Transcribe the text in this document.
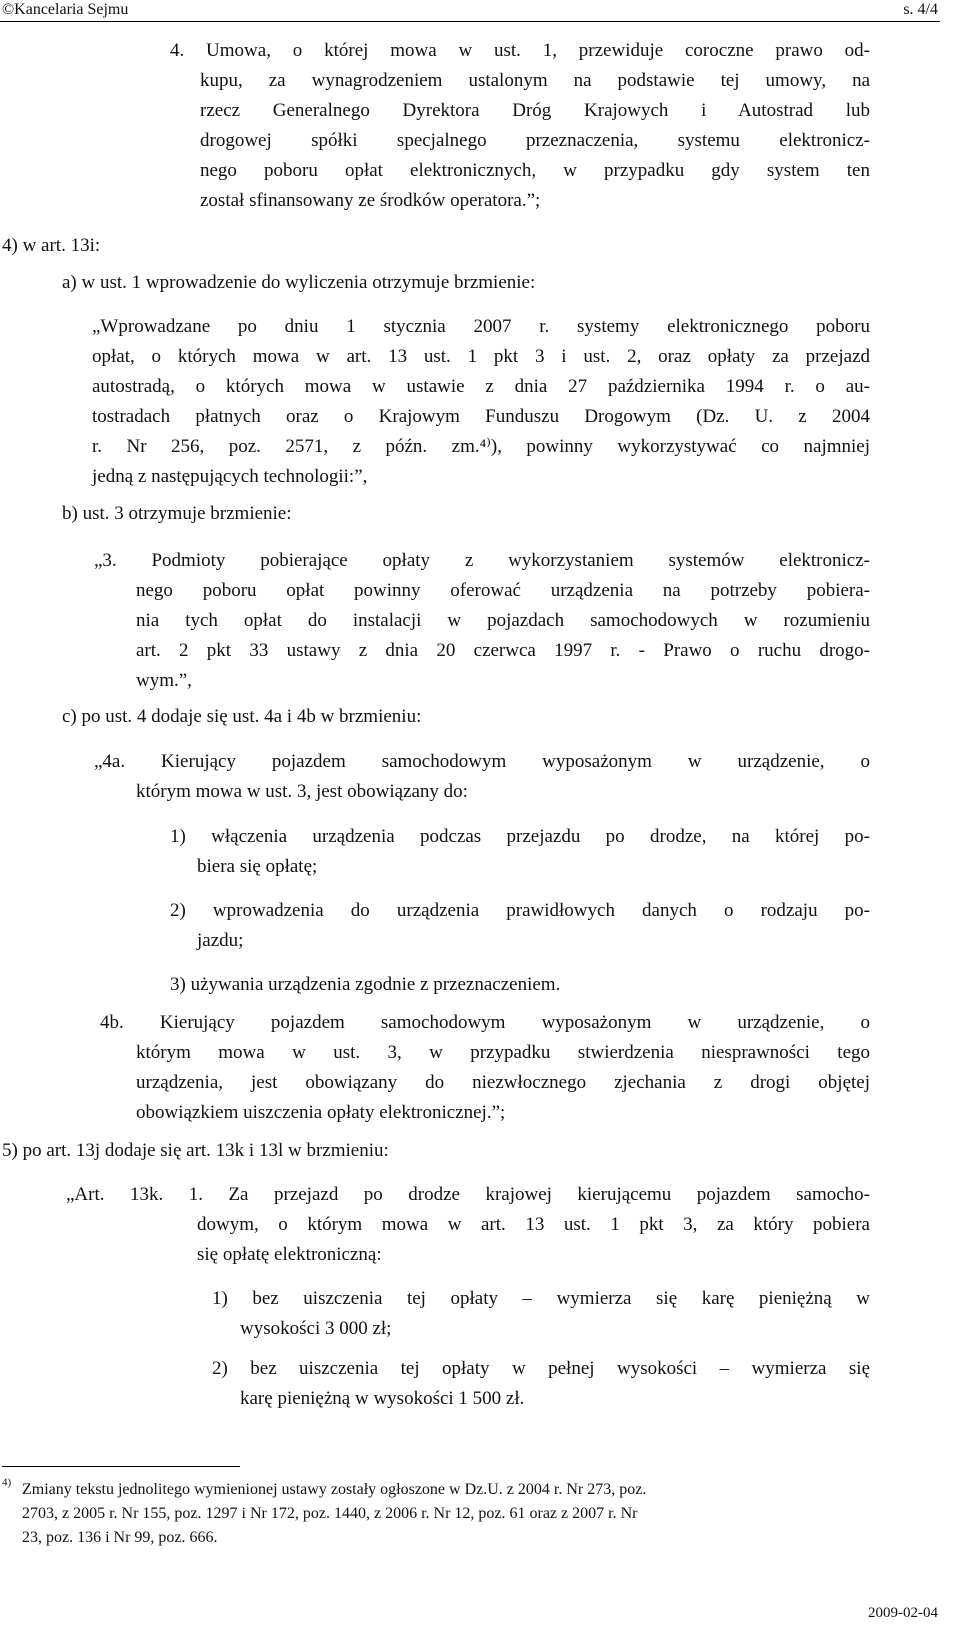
©Kancelaria Sejmu	s. 4/4
4. Umowa, o której mowa w ust. 1, przewiduje coroczne prawo od-
kupu, za wynagrodzeniem ustalonym na podstawie tej umowy, na
rzecz Generalnego Dyrektora Dróg Krajowych i Autostrad lub
drogowej spółki specjalnego przeznaczenia, systemu elektronicz-
nego poboru opłat elektronicznych, w przypadku gdy system ten
został sfinansowany ze środków operatora.”;
4) w art. 13i:
a) w ust. 1 wprowadzenie do wyliczenia otrzymuje brzmienie:
„Wprowadzane po dniu 1 stycznia 2007 r. systemy elektronicznego poboru
opłat, o których mowa w art. 13 ust. 1 pkt 3 i ust. 2, oraz opłaty za przejazd
autostradą, o których mowa w ustawie z dnia 27 października 1994 r. o au-
tostradach płatnych oraz o Krajowym Funduszu Drogowym (Dz. U. z 2004
r. Nr 256, poz. 2571, z późn. zm.⁴⁾), powinny wykorzystywać co najmniej
jedną z następujących technologii:”,
b) ust. 3 otrzymuje brzmienie:
„3. Podmioty pobierające opłaty z wykorzystaniem systemów elektronicz-
nego poboru opłat powinny oferować urządzenia na potrzeby pobiera-
nia tych opłat do instalacji w pojazdach samochodowych w rozumieniu
art. 2 pkt 33 ustawy z dnia 20 czerwca 1997 r. - Prawo o ruchu drogo-
wym.”,
c) po ust. 4 dodaje się ust. 4a i 4b w brzmieniu:
„4a. Kierujący pojazdem samochodowym wyposażonym w urządzenie, o
którym mowa w ust. 3, jest obowiązany do:
1) włączenia urządzenia podczas przejazdu po drodze, na której po-
biera się opłatę;
2) wprowadzenia do urządzenia prawidłowych danych o rodzaju po-
jazdu;
3) używania urządzenia zgodnie z przeznaczeniem.
4b. Kierujący pojazdem samochodowym wyposażonym w urządzenie, o
którym mowa w ust. 3, w przypadku stwierdzenia niesprawności tego
urządzenia, jest obowiązany do niezwłocznego zjechania z drogi objętej
obowiązkiem uiszczenia opłaty elektronicznej.”;
5) po art. 13j dodaje się art. 13k i 13l w brzmieniu:
„Art. 13k. 1. Za przejazd po drodze krajowej kierującemu pojazdem samocho-
dowym, o którym mowa w art. 13 ust. 1 pkt 3, za który pobiera
się opłatę elektroniczną:
1) bez uiszczenia tej opłaty – wymierza się karę pieniężną w
wysokości 3 000 zł;
2) bez uiszczenia tej opłaty w pełnej wysokości – wymierza się
karę pieniężną w wysokości 1 500 zł.
$^{4)}$ Zmiany tekstu jednolitego wymienionej ustawy zostały ogłoszone w Dz.U. z 2004 r. Nr 273, poz.
2703, z 2005 r. Nr 155, poz. 1297 i Nr 172, poz. 1440, z 2006 r. Nr 12, poz. 61 oraz z 2007 r. Nr
23, poz. 136 i Nr 99, poz. 666.
2009-02-04
